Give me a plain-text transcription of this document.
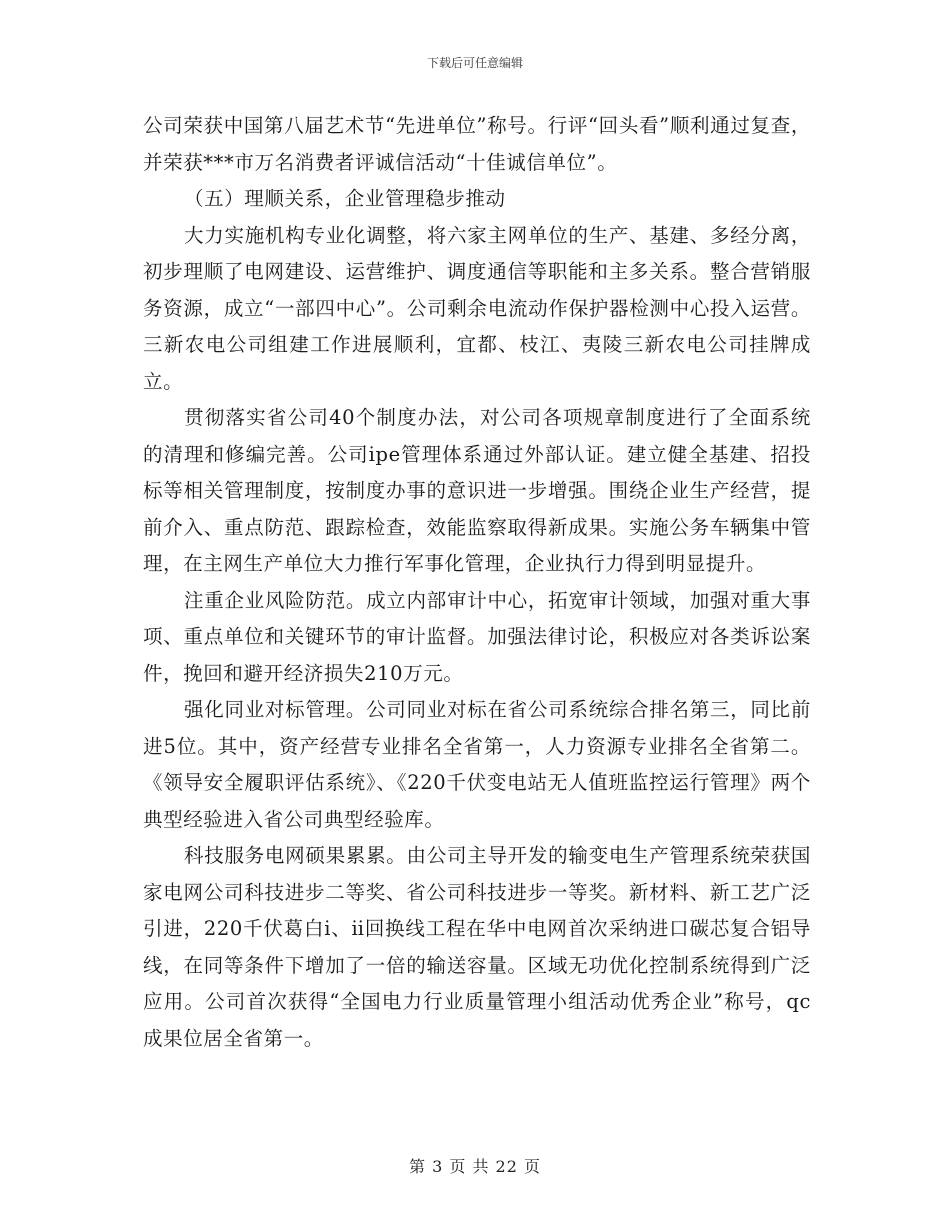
下载后可任意编辑

公司荣获中国第八届艺术节“先进单位”称号。行评“回头看”顺利通过复查，并荣获***市万名消费者评诚信活动“十佳诚信单位”。

（五）理顺关系，企业管理稳步推动

大力实施机构专业化调整，将六家主网单位的生产、基建、多经分离，初步理顺了电网建设、运营维护、调度通信等职能和主多关系。整合营销服务资源，成立“一部四中心”。公司剩余电流动作保护器检测中心投入运营。三新农电公司组建工作进展顺利，宜都、枝江、夷陵三新农电公司挂牌成立。

贯彻落实省公司40个制度办法，对公司各项规章制度进行了全面系统的清理和修编完善。公司ipe管理体系通过外部认证。建立健全基建、招投标等相关管理制度，按制度办事的意识进一步增强。围绕企业生产经营，提前介入、重点防范、跟踪检查，效能监察取得新成果。实施公务车辆集中管理，在主网生产单位大力推行军事化管理，企业执行力得到明显提升。

注重企业风险防范。成立内部审计中心，拓宽审计领域，加强对重大事项、重点单位和关键环节的审计监督。加强法律讨论，积极应对各类诉讼案件，挽回和避开经济损失210万元。

强化同业对标管理。公司同业对标在省公司系统综合排名第三，同比前进5位。其中，资产经营专业排名全省第一，人力资源专业排名全省第二。《领导安全履职评估系统》、《220千伏变电站无人值班监控运行管理》两个典型经验进入省公司典型经验库。

科技服务电网硕果累累。由公司主导开发的输变电生产管理系统荣获国家电网公司科技进步二等奖、省公司科技进步一等奖。新材料、新工艺广泛引进，220千伏葛白ⅰ、ⅱ回换线工程在华中电网首次采纳进口碳芯复合铝导线，在同等条件下增加了一倍的输送容量。区域无功优化控制系统得到广泛应用。公司首次获得“全国电力行业质量管理小组活动优秀企业”称号，qc成果位居全省第一。

第 3 页 共 22 页
